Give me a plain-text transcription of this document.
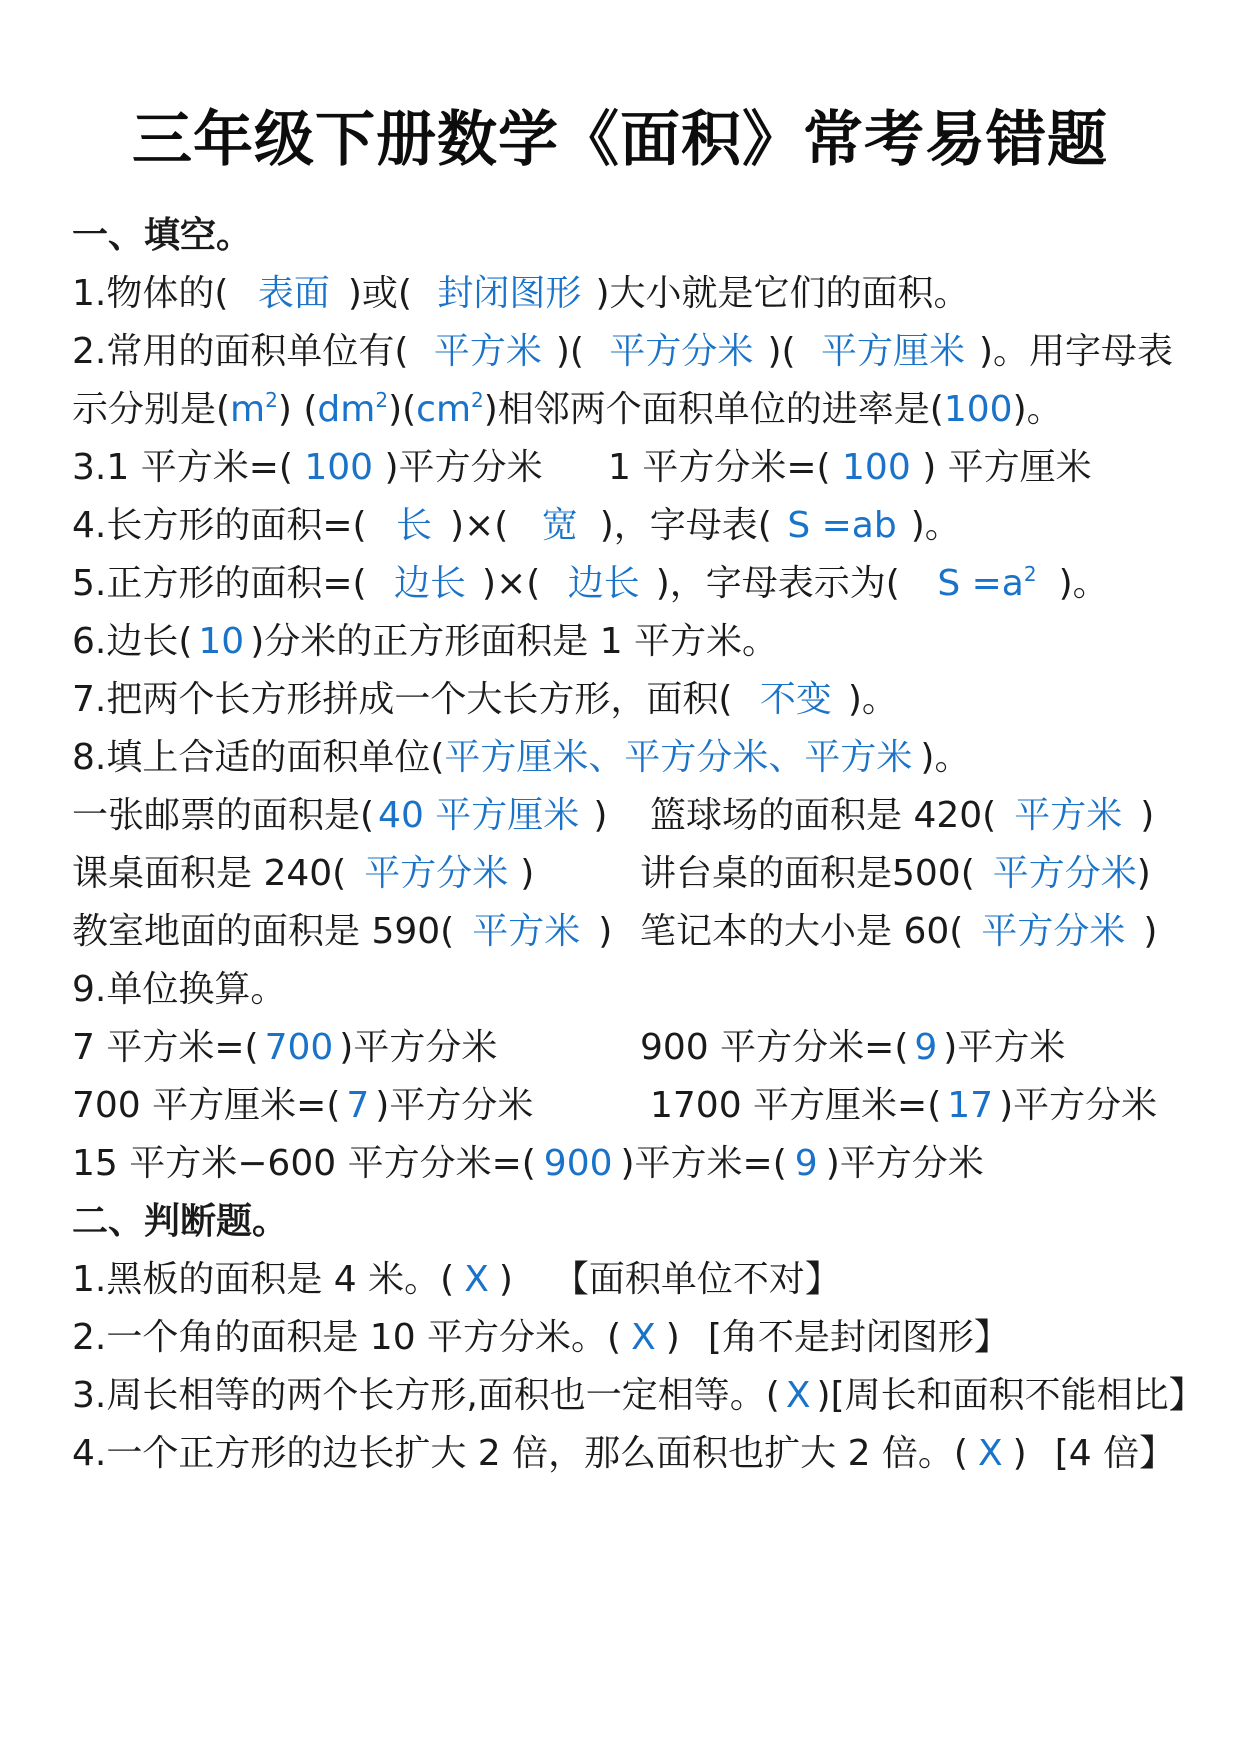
三年级下册数学《面积》常考易错题
一、填空。
1.物体的( 表面 )或( 封闭图形 )大小就是它们的面积。
2.常用的面积单位有( 平方米 )( 平方分米 )( 平方厘米 )。用字母表
示分别是$(m^2)$ $(dm^2)(cm^2)$相邻两个面积单位的进率是(100)。
3.1 平方米=( 100 )平方分米 1 平方分米=( 100 ) 平方厘米
4.长方形的面积=( 长 )×( 宽 )，字母表( S =ab )。
5.正方形的面积=( 边长 )×( 边长 )，字母表示为( $S =a^2$ )。
6.边长( 10 )分米的正方形面积是 1 平方米。
7.把两个长方形拼成一个大长方形，面积( 不变 )。
8.填上合适的面积单位(平方厘米、平方分米、平方米 )。
一张邮票的面积是( 40 平方厘米 ) 篮球场的面积是 420( 平方米 )
课桌面积是 240( 平方分米 )	讲台桌的面积是500( 平方分米)
教室地面的面积是 590( 平方米 ) 笔记本的大小是 60( 平方分米 )
9.单位换算。
7 平方米=( 700 )平方分米	900 平方分米=( 9 )平方米
700 平方厘米=( 7 )平方分米	1700 平方厘米=( 17 )平方分米
15 平方米−600 平方分米=( 900 )平方米=( 9 )平方分米
二、判断题。
1.黑板的面积是 4 米。( X ) 【面积单位不对】
2.一个角的面积是 10 平方分米。( X ) [角不是封闭图形】
3.周长相等的两个长方形,面积也一定相等。( X )[周长和面积不能相比】
4.一个正方形的边长扩大 2 倍，那么面积也扩大 2 倍。( X ) [4 倍】
